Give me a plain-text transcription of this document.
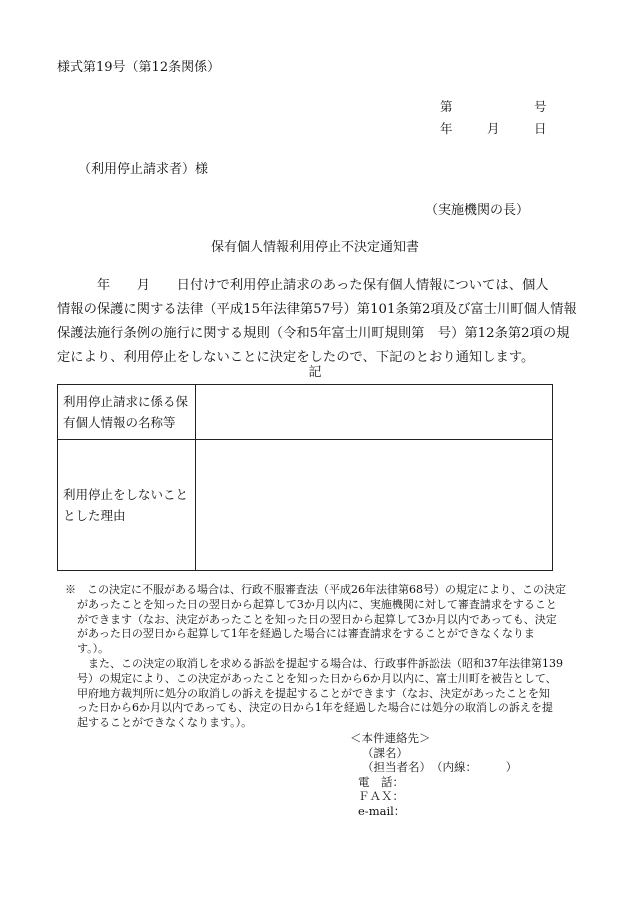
様式第19号（第12条関係）
第	号
年	月	日
（利用停止請求者）様
（実施機関の長）
保有個人情報利用停止不決定通知書
　　　年　　月　　日付けで利用停止請求のあった保有個人情報については、個人
情報の保護に関する法律（平成15年法律第57号）第101条第2項及び富士川町個人情報
保護法施行条例の施行に関する規則（令和5年富士川町規則第　号）第12条第2項の規
定により、利用停止をしないことに決定をしたので、下記のとおり通知します。
記
利用停止請求に係る保
有個人情報の名称等	

利用停止をしないこと
とした理由	

※　この決定に不服がある場合は、行政不服審査法（平成26年法律第68号）の規定により、この決定
があったことを知った日の翌日から起算して3か月以内に、実施機関に対して審査請求をすること
ができます（なお、決定があったことを知った日の翌日から起算して3か月以内であっても、決定
があった日の翌日から起算して1年を経過した場合には審査請求をすることができなくなりま
す。）。
　また、この決定の取消しを求める訴訟を提起する場合は、行政事件訴訟法（昭和37年法律第139
号）の規定により、この決定があったことを知った日から6か月以内に、富士川町を被告として、
甲府地方裁判所に処分の取消しの訴えを提起することができます（なお、決定があったことを知
った日から6か月以内であっても、決定の日から1年を経過した場合には処分の取消しの訴えを提
起することができなくなります。）。
＜本件連絡先＞
（課名）
（担当者名）　（内線：　　　）
電　話：
ＦＡＸ：
e-mail：
